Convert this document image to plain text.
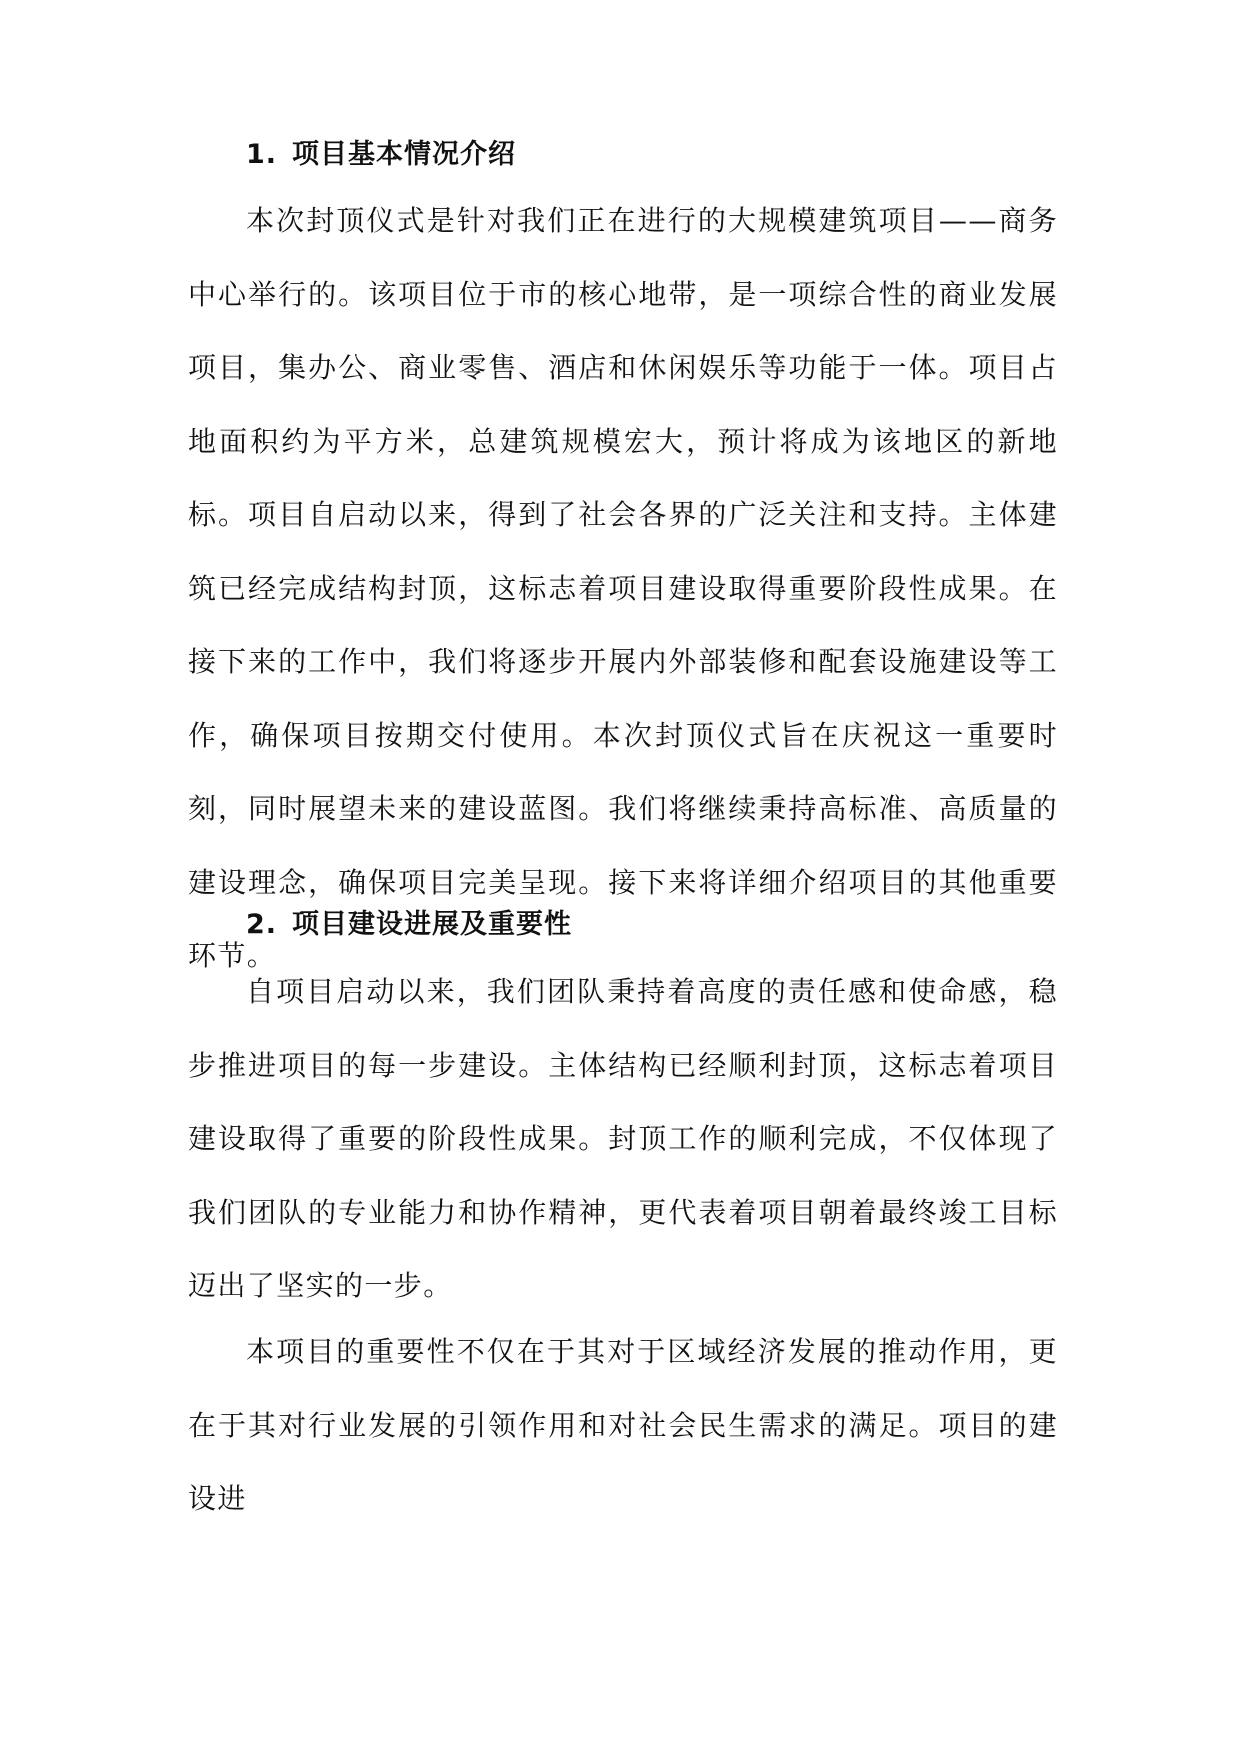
1. 项目基本情况介绍
本次封顶仪式是针对我们正在进行的大规模建筑项目——商务中心举行的。该项目位于市的核心地带，是一项综合性的商业发展项目，集办公、商业零售、酒店和休闲娱乐等功能于一体。项目占地面积约为平方米，总建筑规模宏大，预计将成为该地区的新地标。项目自启动以来，得到了社会各界的广泛关注和支持。主体建筑已经完成结构封顶，这标志着项目建设取得重要阶段性成果。在接下来的工作中，我们将逐步开展内外部装修和配套设施建设等工作，确保项目按期交付使用。本次封顶仪式旨在庆祝这一重要时刻，同时展望未来的建设蓝图。我们将继续秉持高标准、高质量的建设理念，确保项目完美呈现。接下来将详细介绍项目的其他重要环节。
2. 项目建设进展及重要性
自项目启动以来，我们团队秉持着高度的责任感和使命感，稳步推进项目的每一步建设。主体结构已经顺利封顶，这标志着项目建设取得了重要的阶段性成果。封顶工作的顺利完成，不仅体现了我们团队的专业能力和协作精神，更代表着项目朝着最终竣工目标迈出了坚实的一步。
本项目的重要性不仅在于其对于区域经济发展的推动作用，更在于其对行业发展的引领作用和对社会民生需求的满足。项目的建设进
